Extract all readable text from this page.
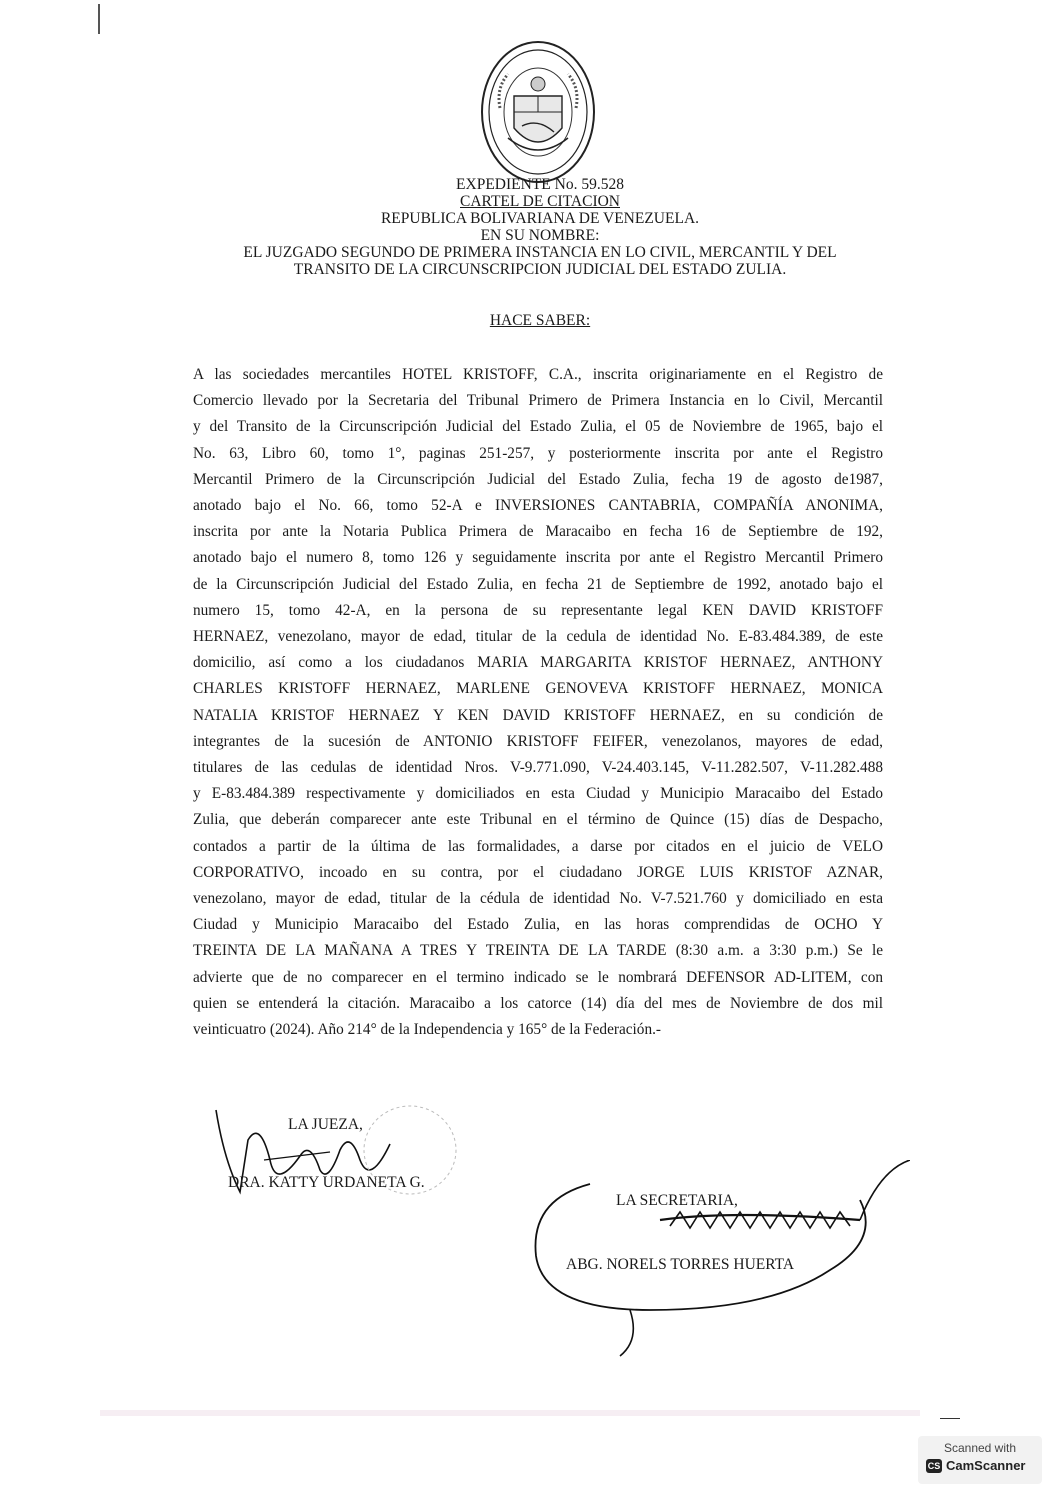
EXPEDIENTE No. 59.528
CARTEL DE CITACION
REPUBLICA BOLIVARIANA DE VENEZUELA.
EN SU NOMBRE:
EL JUZGADO SEGUNDO DE PRIMERA INSTANCIA EN LO CIVIL, MERCANTIL Y DEL
TRANSITO DE LA CIRCUNSCRIPCION JUDICIAL DEL ESTADO ZULIA.
HACE SABER:
A las sociedades mercantiles HOTEL KRISTOFF, C.A., inscrita originariamente en el Registro de
Comercio llevado por la Secretaria del Tribunal Primero de Primera Instancia en lo Civil, Mercantil
y del Transito de la Circunscripción Judicial del Estado Zulia, el 05 de Noviembre de 1965, bajo el
No. 63, Libro 60, tomo 1°, paginas 251-257, y posteriormente inscrita por ante el Registro
Mercantil Primero de la Circunscripción Judicial del Estado Zulia, fecha 19 de agosto de1987,
anotado bajo el No. 66, tomo 52-A e INVERSIONES CANTABRIA, COMPAÑÍA ANONIMA,
inscrita por ante la Notaria Publica Primera de Maracaibo en fecha 16 de Septiembre de 192,
anotado bajo el numero 8, tomo 126 y seguidamente inscrita por ante el Registro Mercantil Primero
de la Circunscripción Judicial del Estado Zulia, en fecha 21 de Septiembre de 1992, anotado bajo el
numero 15, tomo 42-A, en la persona de su representante legal KEN DAVID KRISTOFF
HERNAEZ, venezolano, mayor de edad, titular de la cedula de identidad No. E-83.484.389, de este
domicilio, así como a los ciudadanos MARIA MARGARITA KRISTOF HERNAEZ, ANTHONY
CHARLES KRISTOFF HERNAEZ, MARLENE GENOVEVA KRISTOFF HERNAEZ, MONICA
NATALIA KRISTOF HERNAEZ Y KEN DAVID KRISTOFF HERNAEZ, en su condición de
integrantes de la sucesión de ANTONIO KRISTOFF FEIFER, venezolanos, mayores de edad,
titulares de las cedulas de identidad Nros. V-9.771.090, V-24.403.145, V-11.282.507, V-11.282.488
y E-83.484.389 respectivamente y domiciliados en esta Ciudad y Municipio Maracaibo del Estado
Zulia, que deberán comparecer ante este Tribunal en el término de Quince (15) días de Despacho,
contados a partir de la última de las formalidades, a darse por citados en el juicio de VELO
CORPORATIVO, incoado en su contra, por el ciudadano JORGE LUIS KRISTOF AZNAR,
venezolano, mayor de edad, titular de la cédula de identidad No. V-7.521.760 y domiciliado en esta
Ciudad y Municipio Maracaibo del Estado Zulia, en las horas comprendidas de OCHO Y
TREINTA DE LA MAÑANA A TRES Y TREINTA DE LA TARDE (8:30 a.m. a 3:30 p.m.) Se le
advierte que de no comparecer en el termino indicado se le nombrará DEFENSOR AD-LITEM, con
quien se entenderá la citación. Maracaibo a los catorce (14) día del mes de Noviembre de dos mil
veinticuatro (2024). Año 214° de la Independencia y 165° de la Federación.-
LA JUEZA,
DRA. KATTY URDANETA G.
LA SECRETARIA,
ABG. NORELS TORRES HUERTA
Scanned with
CS CamScanner
